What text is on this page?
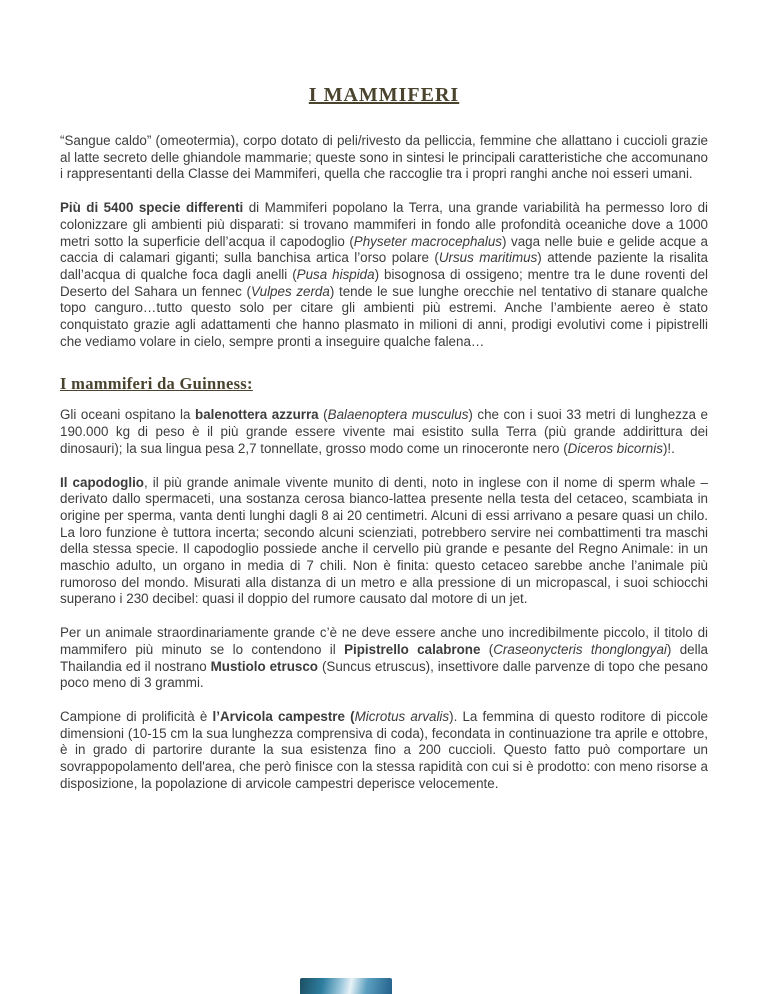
I MAMMIFERI

“Sangue caldo” (omeotermia), corpo dotato di peli/rivesto da pelliccia, femmine che allattano i cuccioli grazie al latte secreto delle ghiandole mammarie; queste sono in sintesi le principali caratteristiche che accomunano i rappresentanti della Classe dei Mammiferi, quella che raccoglie tra i propri ranghi anche noi esseri umani.

Più di 5400 specie differenti di Mammiferi popolano la Terra, una grande variabilità ha permesso loro di colonizzare gli ambienti più disparati: si trovano mammiferi in fondo alle profondità oceaniche dove a 1000 metri sotto la superficie dell’acqua il capodoglio (Physeter macrocephalus) vaga nelle buie e gelide acque a caccia di calamari giganti; sulla banchisa artica l’orso polare (Ursus maritimus) attende paziente la risalita dall’acqua di qualche foca dagli anelli (Pusa hispida) bisognosa di ossigeno; mentre tra le dune roventi del Deserto del Sahara un fennec (Vulpes zerda) tende le sue lunghe orecchie nel tentativo di stanare qualche topo canguro…tutto questo solo per citare gli ambienti più estremi. Anche l’ambiente aereo è stato conquistato grazie agli adattamenti che hanno plasmato in milioni di anni, prodigi evolutivi come i pipistrelli che vediamo volare in cielo, sempre pronti a inseguire qualche falena…

I mammiferi da Guinness:

Gli oceani ospitano la balenottera azzurra (Balaenoptera musculus) che con i suoi 33 metri di lunghezza e 190.000 kg di peso è il più grande essere vivente mai esistito sulla Terra (più grande addirittura dei dinosauri); la sua lingua pesa 2,7 tonnellate, grosso modo come un rinoceronte nero (Diceros bicornis)!.

Il capodoglio, il più grande animale vivente munito di denti, noto in inglese con il nome di sperm whale – derivato dallo spermaceti, una sostanza cerosa bianco-lattea presente nella testa del cetaceo, scambiata in origine per sperma, vanta denti lunghi dagli 8 ai 20 centimetri. Alcuni di essi arrivano a pesare quasi un chilo. La loro funzione è tuttora incerta; secondo alcuni scienziati, potrebbero servire nei combattimenti tra maschi della stessa specie. Il capodoglio possiede anche il cervello più grande e pesante del Regno Animale: in un maschio adulto, un organo in media di 7 chili. Non è finita: questo cetaceo sarebbe anche l’animale più rumoroso del mondo. Misurati alla distanza di un metro e alla pressione di un micropascal, i suoi schiocchi superano i 230 decibel: quasi il doppio del rumore causato dal motore di un jet.

Per un animale straordinariamente grande c’è ne deve essere anche uno incredibilmente piccolo, il titolo di mammifero più minuto se lo contendono il Pipistrello calabrone (Craseonycteris thonglongyai) della Thailandia ed il nostrano Mustiolo etrusco (Suncus etruscus), insettivore dalle parvenze di topo che pesano poco meno di 3 grammi.

Campione di prolificità è l’Arvicola campestre (Microtus arvalis). La femmina di questo roditore di piccole dimensioni (10-15 cm la sua lunghezza comprensiva di coda), fecondata in continuazione tra aprile e ottobre, è in grado di partorire durante la sua esistenza fino a 200 cuccioli. Questo fatto può comportare un sovrappopolamento dell'area, che però finisce con la stessa rapidità con cui si è prodotto: con meno risorse a disposizione, la popolazione di arvicole campestri deperisce velocemente.
